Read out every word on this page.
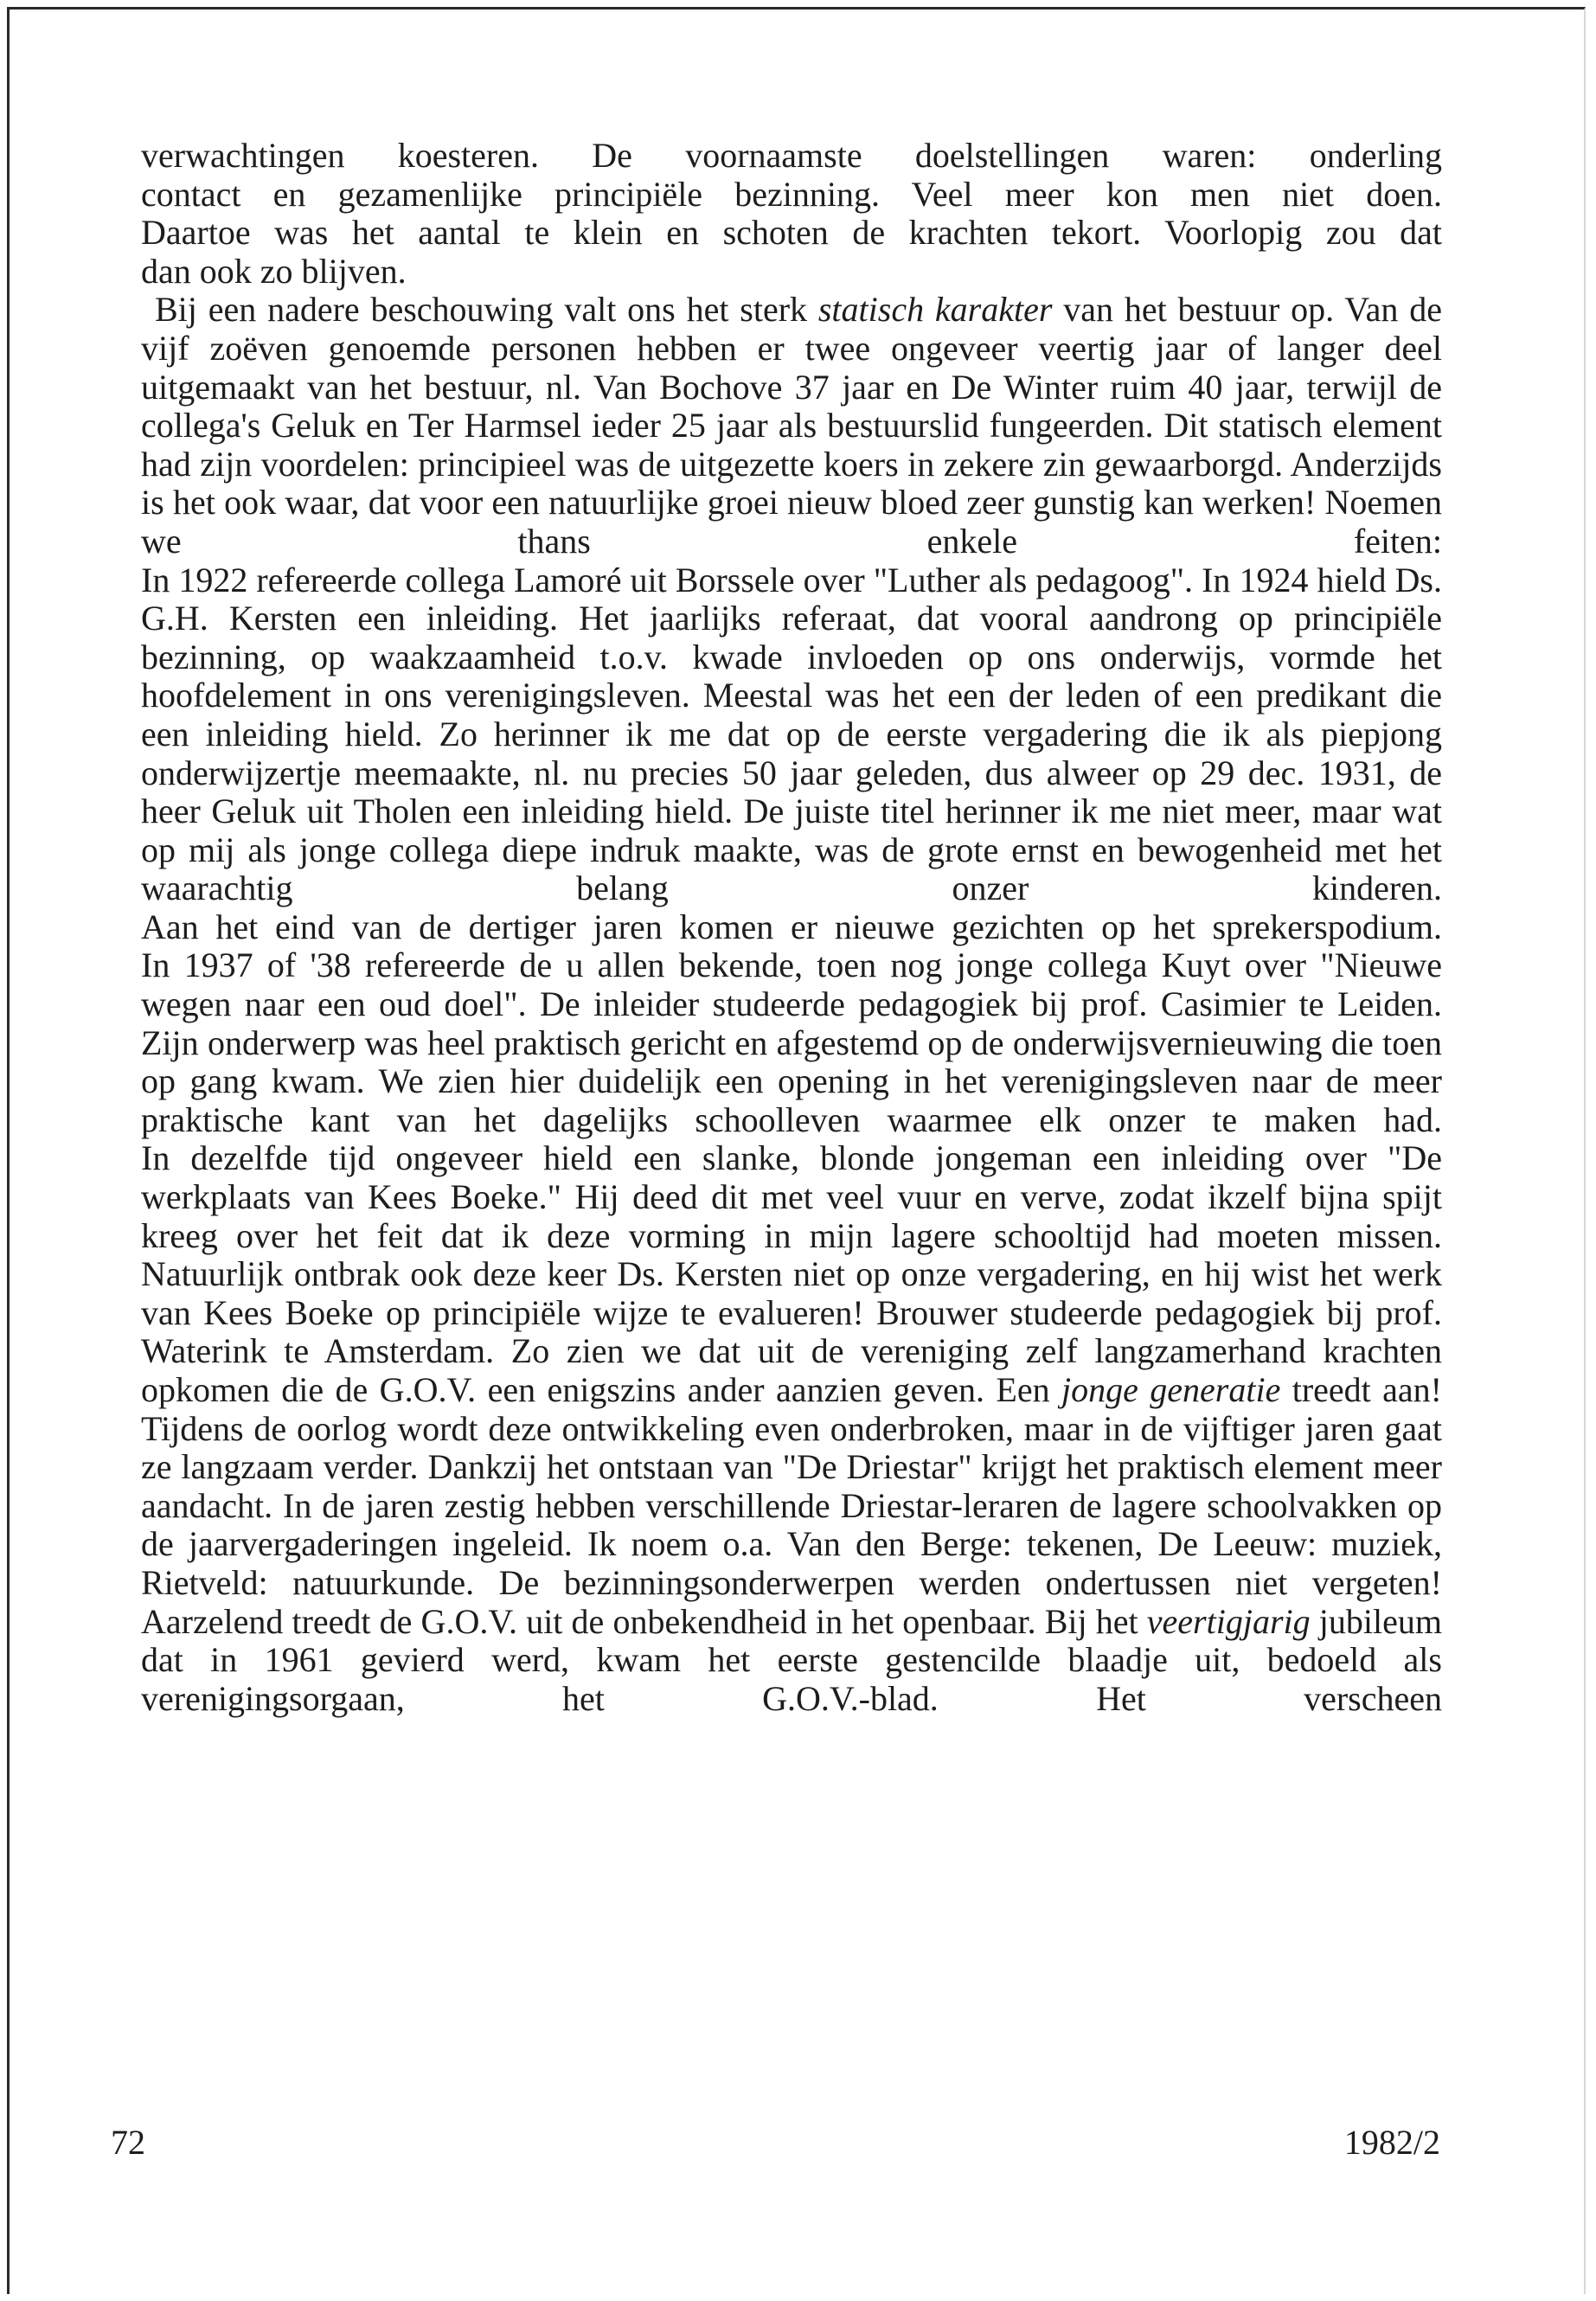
verwachtingen koesteren. De voornaamste doelstellingen waren: onderling

contact en gezamenlijke principiële bezinning. Veel meer kon men niet doen.

Daartoe was het aantal te klein en schoten de krachten tekort. Voorlopig zou dat

dan ook zo blijven.

Bij een nadere beschouwing valt ons het sterk statisch karakter van het bestuur op. Van de vijf zoëven genoemde personen hebben er twee ongeveer veertig jaar of langer deel uitgemaakt van het bestuur, nl. Van Bochove 37 jaar en De Winter ruim 40 jaar, terwijl de collega's Geluk en Ter Harmsel ieder 25 jaar als bestuurslid fungeerden. Dit statisch element had zijn voordelen: principieel was de uitgezette koers in zekere zin gewaarborgd. Anderzijds is het ook waar, dat voor een natuurlijke groei nieuw bloed zeer gunstig kan werken! Noemen we thans enkele feiten:

In 1922 refereerde collega Lamoré uit Borssele over "Luther als pedagoog". In 1924 hield Ds. G.H. Kersten een inleiding. Het jaarlijks referaat, dat vooral aandrong op principiële bezinning, op waakzaamheid t.o.v. kwade invloeden op ons onderwijs, vormde het hoofdelement in ons verenigingsleven. Meestal was het een der leden of een predikant die een inleiding hield. Zo herinner ik me dat op de eerste vergadering die ik als piepjong onderwijzertje meemaakte, nl. nu precies 50 jaar geleden, dus alweer op 29 dec. 1931, de heer Geluk uit Tholen een inleiding hield. De juiste titel herinner ik me niet meer, maar wat op mij als jonge collega diepe indruk maakte, was de grote ernst en bewogenheid met het waarachtig belang onzer kinderen.

Aan het eind van de dertiger jaren komen er nieuwe gezichten op het sprekerspodium.

In 1937 of '38 refereerde de u allen bekende, toen nog jonge collega Kuyt over "Nieuwe wegen naar een oud doel". De inleider studeerde pedagogiek bij prof. Casimier te Leiden. Zijn onderwerp was heel praktisch gericht en afgestemd op de onderwijsvernieuwing die toen op gang kwam. We zien hier duidelijk een opening in het verenigingsleven naar de meer praktische kant van het dagelijks schoolleven waarmee elk onzer te maken had.

In dezelfde tijd ongeveer hield een slanke, blonde jongeman een inleiding over "De werkplaats van Kees Boeke." Hij deed dit met veel vuur en verve, zodat ikzelf bijna spijt kreeg over het feit dat ik deze vorming in mijn lagere schooltijd had moeten missen. Natuurlijk ontbrak ook deze keer Ds. Kersten niet op onze vergadering, en hij wist het werk van Kees Boeke op principiële wijze te evalueren! Brouwer studeerde pedagogiek bij prof. Waterink te Amsterdam. Zo zien we dat uit de vereniging zelf langzamerhand krachten opkomen die de G.O.V. een enigszins ander aanzien geven. Een jonge generatie treedt aan!

Tijdens de oorlog wordt deze ontwikkeling even onderbroken, maar in de vijftiger jaren gaat ze langzaam verder. Dankzij het ontstaan van "De Driestar" krijgt het praktisch element meer aandacht. In de jaren zestig hebben verschillende Driestar-leraren de lagere schoolvakken op de jaarvergaderingen ingeleid. Ik noem o.a. Van den Berge: tekenen, De Leeuw: muziek, Rietveld: natuurkunde. De bezinningsonderwerpen werden ondertussen niet vergeten!

Aarzelend treedt de G.O.V. uit de onbekendheid in het openbaar. Bij het veertigjarig jubileum dat in 1961 gevierd werd, kwam het eerste gestencilde blaadje uit, bedoeld als verenigingsorgaan, het G.O.V.-blad. Het verscheen

72	1982/2
